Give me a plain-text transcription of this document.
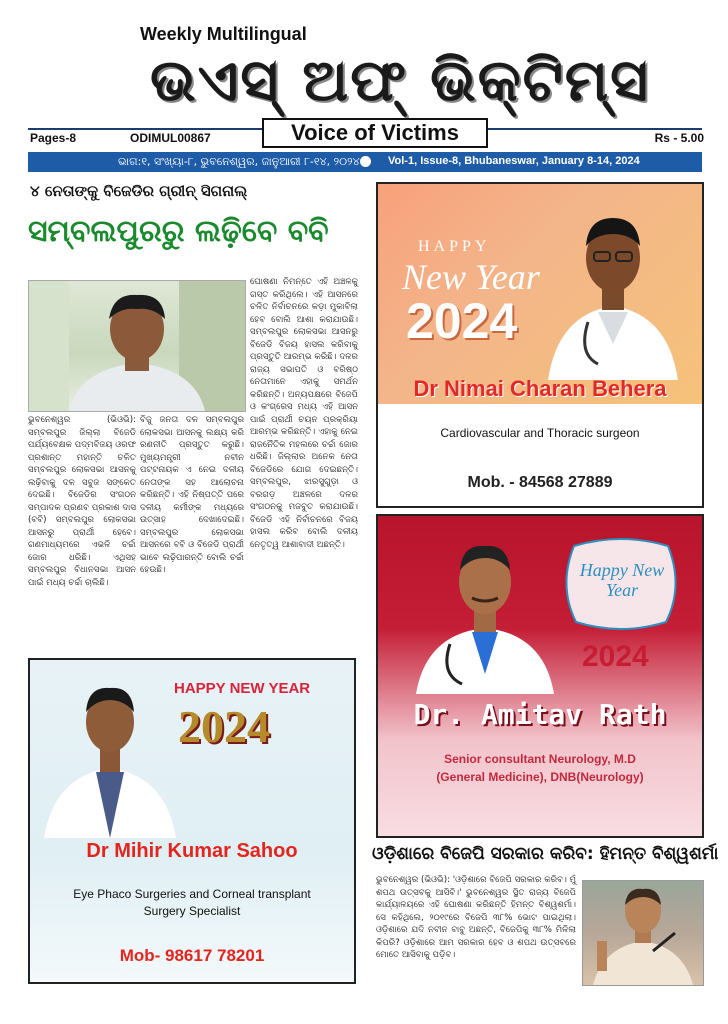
Weekly Multilingual
ଭଏସ୍ ଅଫ୍ ଭିକ୍ଟିମ୍ସ
Pages-8	ODIMUL00867	Voice of Victims	Rs - 5.00
ଭାଗ:୧, ସଂଖ୍ୟା-୮, ଭୁବନେଶ୍ୱର, ଜାନୁଆରୀ ୮-୧୪, ୨୦୨୪	Vol-1, Issue-8, Bhubaneswar, January 8-14, 2024
୪ ନେତାଙ୍କୁ ବିଜେଡିର ଗ୍ରୀନ୍ ସିଗନାଲ୍
ସମ୍ବଲପୁରରୁ ଲଢ଼ିବେ ବବି
ଭୁବନେଶ୍ୱର (ଭିଓଭି): ସମ୍ବଲପୁର ଜିଲ୍ଲା ବିଜେଡି ପର୍ଯ୍ୟବେକ୍ଷକ ପଦ୍ମବିଜୟ ଓରଫ ପ୍ରଶାନ୍ତ ମହାନ୍ତି ଚଳିତ ସମ୍ବଲପୁର ଲୋକସଭା ଆସନକୁ ଲଢ଼ିବାକୁ ଦଳ ସବୁଜ ସଙ୍କେତ ଦେଇଛି। ବିଜେଡିର ସଂଗଠନ ସମ୍ପାଦକ ପ୍ରଣବ ପ୍ରକାଶ ଦାସ (ବବି) ସମ୍ବଲପୁର ଲୋକସଭା ଆସନରୁ ପ୍ରାର୍ଥୀ ହେବେ। ଗଣମାଧ୍ୟମରେ ଏଭଳି ଚର୍ଚ୍ଚା ଜୋର ଧରିଛି। ଏଥିସହ ସମ୍ବଲପୁର ବିଧାନସଭା ଆସନ ପାଇଁ ମଧ୍ୟ ଚର୍ଚ୍ଚା ଚାଲିଛି।
ବିଜୁ ଜନତା ଦଳ ସମ୍ବଲପୁର ଲୋକସଭା ଆସନକୁ ଲକ୍ଷ୍ୟ କରି ରଣନୀତି ପ୍ରସ୍ତୁତ କରୁଛି। ମୁଖ୍ୟମନ୍ତ୍ରୀ ନବୀନ ପଟ୍ଟନାୟକ ଏ ନେଇ ଦଳୀୟ ନେତାଙ୍କ ସହ ଆଲୋଚନା କରିଛନ୍ତି। ଏହି ନିଷ୍ପତ୍ତି ପରେ ଦଳୀୟ କର୍ମୀଙ୍କ ମଧ୍ୟରେ ଉତ୍ସାହ ଦେଖାଦେଇଛି। ସମ୍ବଲପୁର ଲୋକସଭା ଆସନରେ ବବି ଓ ବିଜେଡି ପ୍ରାର୍ଥୀ ଭାବେ ଲଢ଼ିପାରନ୍ତି ବୋଲି ଚର୍ଚ୍ଚା ହେଉଛି।
ଘୋଷଣା ନିମନ୍ତେ ଏହି ଅଞ୍ଚଳକୁ ଗସ୍ତ କରିଥିଲେ। ଏହି ଆସନରେ ଚଳିତ ନିର୍ବାଚନରେ କଡ଼ା ମୁକାବିଲା ହେବ ବୋଲି ଆଶା କରାଯାଉଛି। ସମ୍ବଲପୁର ଲୋକସଭା ଆସନରୁ ବିଜେଡି ବିଜୟ ହାସଲ କରିବାକୁ ପ୍ରସ୍ତୁତି ଆରମ୍ଭ କରିଛି। ଦଳର ରାଜ୍ୟ ସଭାପତି ଓ ବରିଷ୍ଠ ନେତାମାନେ ଏହାକୁ ସମର୍ଥନ କରିଛନ୍ତି। ଅନ୍ୟପକ୍ଷରେ ବିଜେପି ଓ କଂଗ୍ରେସ ମଧ୍ୟ ଏହି ଆସନ ପାଇଁ ପ୍ରାର୍ଥୀ ଚୟନ ପ୍ରକ୍ରିୟା ଆରମ୍ଭ କରିଛନ୍ତି। ଏହାକୁ ନେଇ ରାଜନୈତିକ ମହଲରେ ଚର୍ଚ୍ଚା ଜୋର ଧରିଛି। ଜିଲ୍ଲାର ଅନେକ ନେତା ବିଜେଡିରେ ଯୋଗ ଦେଇଛନ୍ତି। ସମ୍ବଲପୁର, ଝାରସୁଗୁଡ଼ା ଓ ବରଗଡ଼ ଅଞ୍ଚଳରେ ଦଳର ସଂଗଠନକୁ ମଜବୁତ କରାଯାଉଛି। ବିଜେଡି ଏହି ନିର୍ବାଚନରେ ବିଜୟ ହାସଲ କରିବ ବୋଲି ଦଳୀୟ ନେତୃତ୍ୱ ଆଶାବାଦୀ ଅଛନ୍ତି।
HAPPY
New Year
2024
Dr Nimai Charan Behera
Cardiovascular and Thoracic surgeon
Mob. - 84568 27889
Happy New Year
2024
Dr. Amitav Rath
Senior consultant Neurology, M.D
(General Medicine), DNB(Neurology)
HAPPY NEW YEAR
2024
Dr Mihir Kumar Sahoo
Eye Phaco Surgeries and Corneal transplant
Surgery Specialist
Mob- 98617 78201
ଓଡ଼ିଶାରେ ବିଜେପି ସରକାର କରିବ: ହିମନ୍ତ ବିଶ୍ୱଶର୍ମା
ଭୁବନେଶ୍ୱର (ଭିଓଭି): 'ଓଡ଼ିଶାରେ ବିଜେପି ସରକାର କରିବ। ମୁଁ ଶପଥ ଉତ୍ସବକୁ ଆସିବି।' ଭୁବନେଶ୍ୱର ସ୍ଥିତ ରାଜ୍ୟ ବିଜେପି କାର୍ଯ୍ୟାଳୟରେ ଏହି ଘୋଷଣା କରିଛନ୍ତି ହିମନ୍ତ ବିଶ୍ୱଶର୍ମା। ସେ କହିଥିଲେ, ୨୦୧୯ରେ ବିଜେପି ୩୮% ଭୋଟ ପାଇଥିଲା। ଓଡ଼ିଶାରେ ଯଦି ନବୀନ ବାବୁ ଅଛନ୍ତି, ବିଜେପିକୁ ୩୮% ମିଳିଲା କିପରି? ଓଡ଼ିଶାରେ ଆମ ସରକାର ହେବ ଓ ଶପଥ ଉତ୍ସବରେ ମୋତେ ଆସିବାକୁ ପଡ଼ିବ।
